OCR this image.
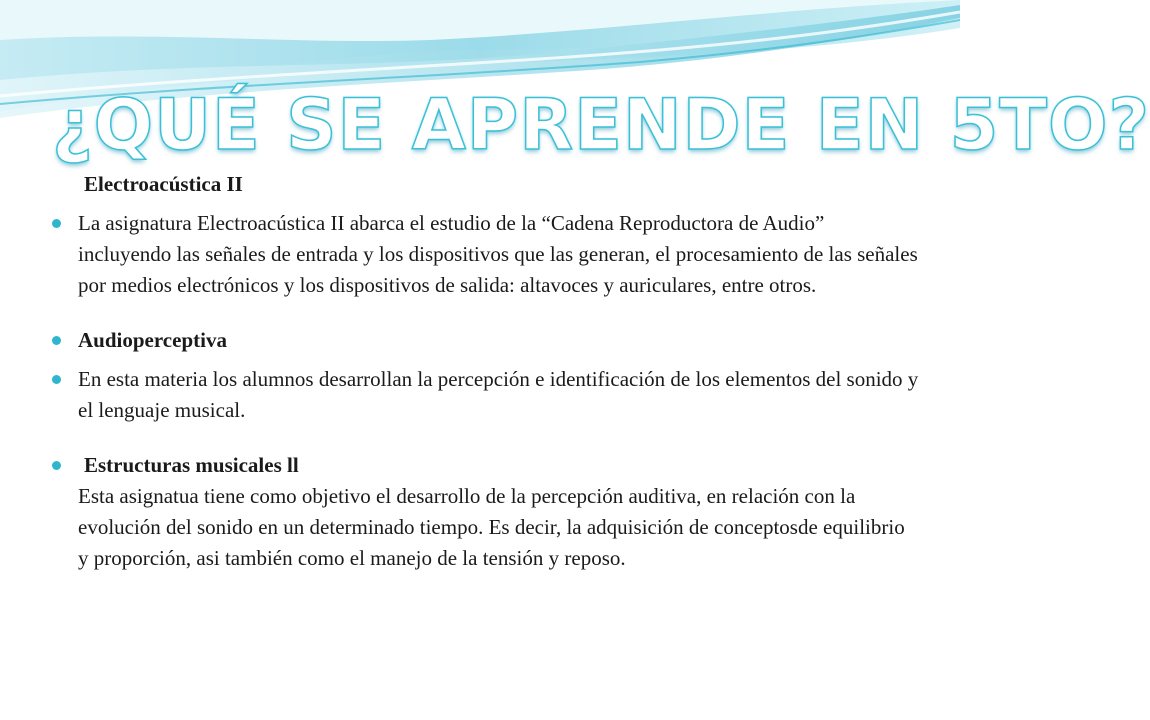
¿QUÉ SE APRENDE EN 5TO?
Electroacústica II
La asignatura Electroacústica II abarca el estudio de la “Cadena Reproductora de Audio” incluyendo las señales de entrada y los dispositivos que las generan, el procesamiento de las señales por medios electrónicos y los dispositivos de salida: altavoces y auriculares, entre otros.
Audioperceptiva
En esta materia los alumnos desarrollan la percepción e identificación de los elementos del sonido y el lenguaje musical.
Estructuras musicales ll
Esta asignatua tiene como objetivo el desarrollo de la percepción auditiva, en relación con la evolución del sonido en un determinado tiempo. Es decir, la adquisición de conceptosde equilibrio y proporción, asi también como el manejo de la tensión y reposo.
